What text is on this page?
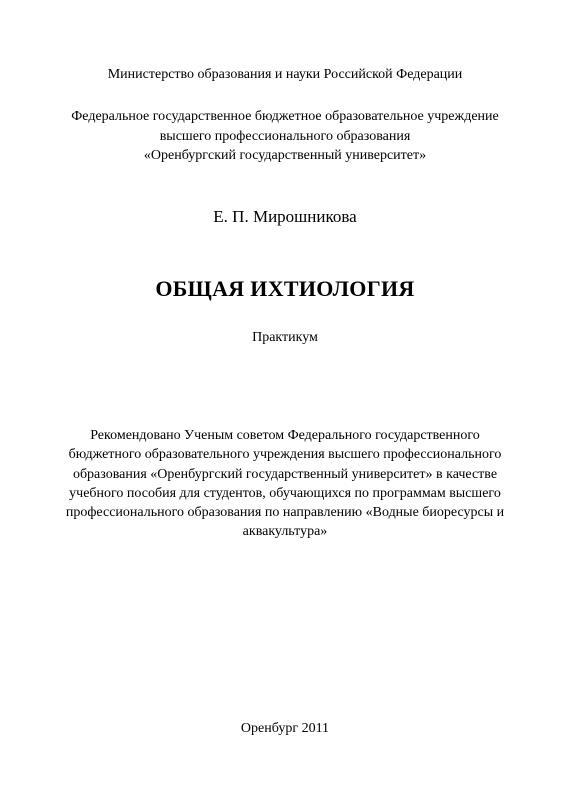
Министерство образования и науки Российской Федерации
Федеральное государственное бюджетное образовательное учреждение
высшего профессионального образования
«Оренбургский государственный университет»
Е. П. Мирошникова
ОБЩАЯ ИХТИОЛОГИЯ
Практикум
Рекомендовано Ученым советом Федерального государственного
бюджетного образовательного учреждения высшего профессионального
образования «Оренбургский государственный университет» в качестве
учебного пособия для студентов, обучающихся по программам высшего
профессионального образования по направлению «Водные биоресурсы и
аквакультура»
Оренбург 2011
